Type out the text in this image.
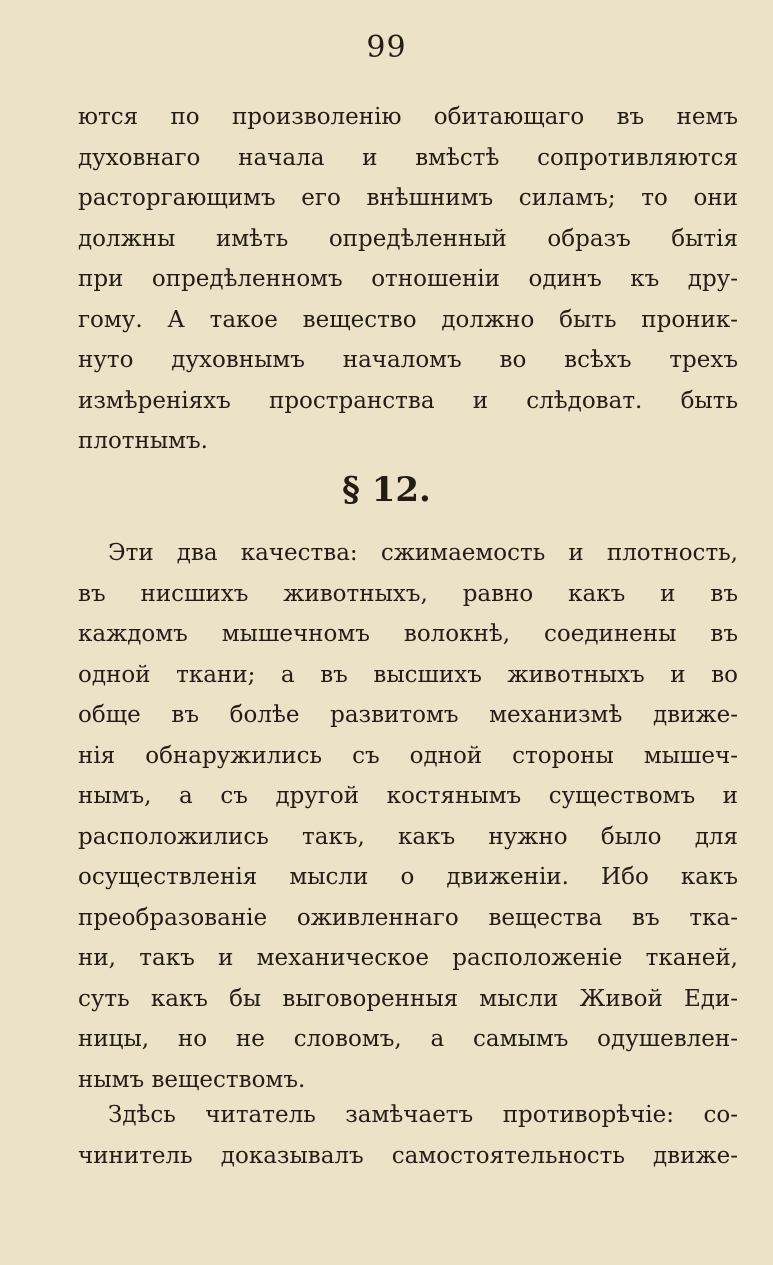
99
ются по произволенію обитающаго въ немъ
духовнаго начала и вмѣстѣ сопротивляются
расторгающимъ его внѣшнимъ силамъ; то они
должны имѣть опредѣленный образъ бытія
при опредѣленномъ отношеніи одинъ къ дру-
гому. А такое вещество должно быть проник-
нуто духовнымъ началомъ во всѣхъ трехъ
измѣреніяхъ пространства и слѣдоват. быть
плотнымъ.
§ 12.
Эти два качества: сжимаемость и плотность,
въ нисшихъ животныхъ, равно какъ и въ
каждомъ мышечномъ волокнѣ, соединены въ
одной ткани; а въ высшихъ животныхъ и во
обще въ болѣе развитомъ механизмѣ движе-
нія обнаружились съ одной стороны мышеч-
нымъ, а съ другой костянымъ существомъ и
расположились такъ, какъ нужно было для
осуществленія мысли о движеніи. Ибо какъ
преобразованіе оживленнаго вещества въ тка-
ни, такъ и механическое расположеніе тканей,
суть какъ бы выговоренныя мысли Живой Еди-
ницы, но не словомъ, а самымъ одушевлен-
нымъ веществомъ.
Здѣсь читатель замѣчаетъ противорѣчіе: со-
чинитель доказывалъ самостоятельность движе-
